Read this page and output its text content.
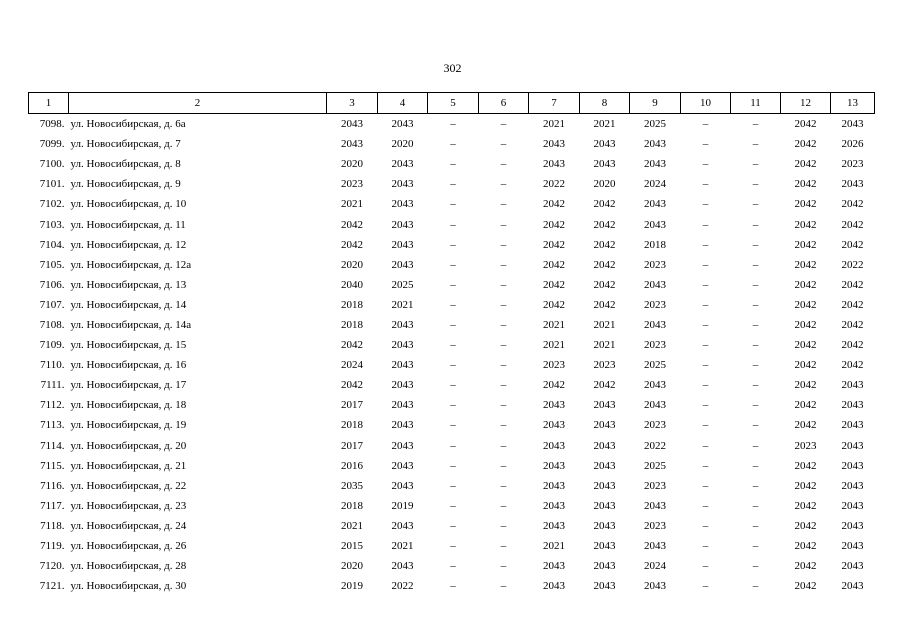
302
1	2	3	4	5	6	7	8	9	10	11	12	13
7098.	ул. Новосибирская, д. 6а	2043	2043	–	–	2021	2021	2025	–	–	2042	2043
7099.	ул. Новосибирская, д. 7	2043	2020	–	–	2043	2043	2043	–	–	2042	2026
7100.	ул. Новосибирская, д. 8	2020	2043	–	–	2043	2043	2043	–	–	2042	2023
7101.	ул. Новосибирская, д. 9	2023	2043	–	–	2022	2020	2024	–	–	2042	2043
7102.	ул. Новосибирская, д. 10	2021	2043	–	–	2042	2042	2043	–	–	2042	2042
7103.	ул. Новосибирская, д. 11	2042	2043	–	–	2042	2042	2043	–	–	2042	2042
7104.	ул. Новосибирская, д. 12	2042	2043	–	–	2042	2042	2018	–	–	2042	2042
7105.	ул. Новосибирская, д. 12а	2020	2043	–	–	2042	2042	2023	–	–	2042	2022
7106.	ул. Новосибирская, д. 13	2040	2025	–	–	2042	2042	2043	–	–	2042	2042
7107.	ул. Новосибирская, д. 14	2018	2021	–	–	2042	2042	2023	–	–	2042	2042
7108.	ул. Новосибирская, д. 14а	2018	2043	–	–	2021	2021	2043	–	–	2042	2042
7109.	ул. Новосибирская, д. 15	2042	2043	–	–	2021	2021	2023	–	–	2042	2042
7110.	ул. Новосибирская, д. 16	2024	2043	–	–	2023	2023	2025	–	–	2042	2042
7111.	ул. Новосибирская, д. 17	2042	2043	–	–	2042	2042	2043	–	–	2042	2043
7112.	ул. Новосибирская, д. 18	2017	2043	–	–	2043	2043	2043	–	–	2042	2043
7113.	ул. Новосибирская, д. 19	2018	2043	–	–	2043	2043	2023	–	–	2042	2043
7114.	ул. Новосибирская, д. 20	2017	2043	–	–	2043	2043	2022	–	–	2023	2043
7115.	ул. Новосибирская, д. 21	2016	2043	–	–	2043	2043	2025	–	–	2042	2043
7116.	ул. Новосибирская, д. 22	2035	2043	–	–	2043	2043	2023	–	–	2042	2043
7117.	ул. Новосибирская, д. 23	2018	2019	–	–	2043	2043	2043	–	–	2042	2043
7118.	ул. Новосибирская, д. 24	2021	2043	–	–	2043	2043	2023	–	–	2042	2043
7119.	ул. Новосибирская, д. 26	2015	2021	–	–	2021	2043	2043	–	–	2042	2043
7120.	ул. Новосибирская, д. 28	2020	2043	–	–	2043	2043	2024	–	–	2042	2043
7121.	ул. Новосибирская, д. 30	2019	2022	–	–	2043	2043	2043	–	–	2042	2043
